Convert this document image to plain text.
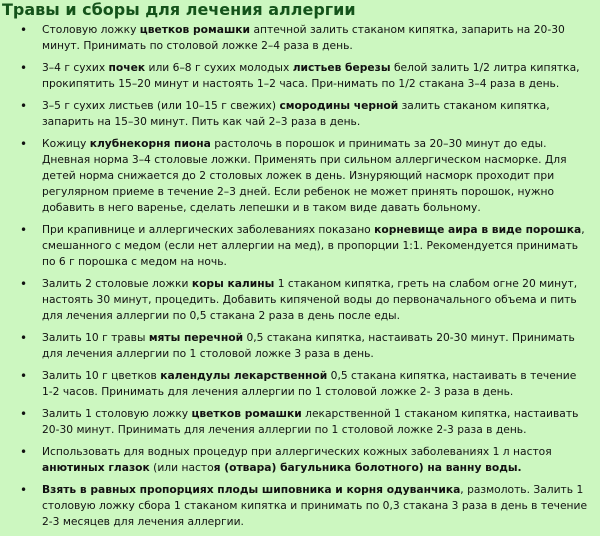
Травы и сборы для лечения аллергии
• Столовую ложку цветков ромашки аптечной залить стаканом кипятка, запарить на 20-30 минут. Принимать по столовой ложке 2–4 раза в день.
• 3–4 г сухих почек или 6–8 г сухих молодых листьев березы белой залить 1/2 литра кипятка, прокипятить 15–20 минут и настоять 1–2 часа. При-нимать по 1/2 стакана 3–4 раза в день.
• 3–5 г сухих листьев (или 10–15 г свежих) смородины черной залить стаканом кипятка, запарить на 15–30 минут. Пить как чай 2–3 раза в день.
• Кожицу клубнекорня пиона растолочь в порошок и принимать за 20–30 минут до еды. Дневная норма 3–4 столовые ложки. Применять при сильном аллергическом насморке. Для детей норма снижается до 2 столовых ложек в день. Изнуряющий насморк проходит при регулярном приеме в течение 2–3 дней. Если ребенок не может принять порошок, нужно добавить в него варенье, сделать лепешки и в таком виде давать больному.
• При крапивнице и аллергических заболеваниях показано корневище аира в виде порошка, смешанного с медом (если нет аллергии на мед), в пропорции 1:1. Рекомендуется принимать по 6 г порошка с медом на ночь.
• Залить 2 столовые ложки коры калины 1 стаканом кипятка, греть на слабом огне 20 минут, настоять 30 минут, процедить. Добавить кипяченой воды до первоначального объема и пить для лечения аллергии по 0,5 стакана 2 раза в день после еды.
• Залить 10 г травы мяты перечной 0,5 стакана кипятка, настаивать 20-30 минут. Принимать для лечения аллергии по 1 столовой ложке 3 раза в день.
• Залить 10 г цветков календулы лекарственной 0,5 стакана кипятка, настаивать в течение 1-2 часов. Принимать для лечения аллергии по 1 столовой ложке 2- 3 раза в день.
• Залить 1 столовую ложку цветков ромашки лекарственной 1 стаканом кипятка, настаивать 20-30 минут. Принимать для лечения аллергии по 1 столовой ложке 2-3 раза в день.
• Использовать для водных процедур при аллергических кожных заболеваниях 1 л настоя анютиных глазок (или настоя (отвара) багульника болотного) на ванну воды.
• Взять в равных пропорциях плоды шиповника и корня одуванчика, размолоть. Залить 1 столовую ложку сбора 1 стаканом кипятка и принимать по 0,3 стакана 3 раза в день в течение 2-3 месяцев для лечения аллергии.
